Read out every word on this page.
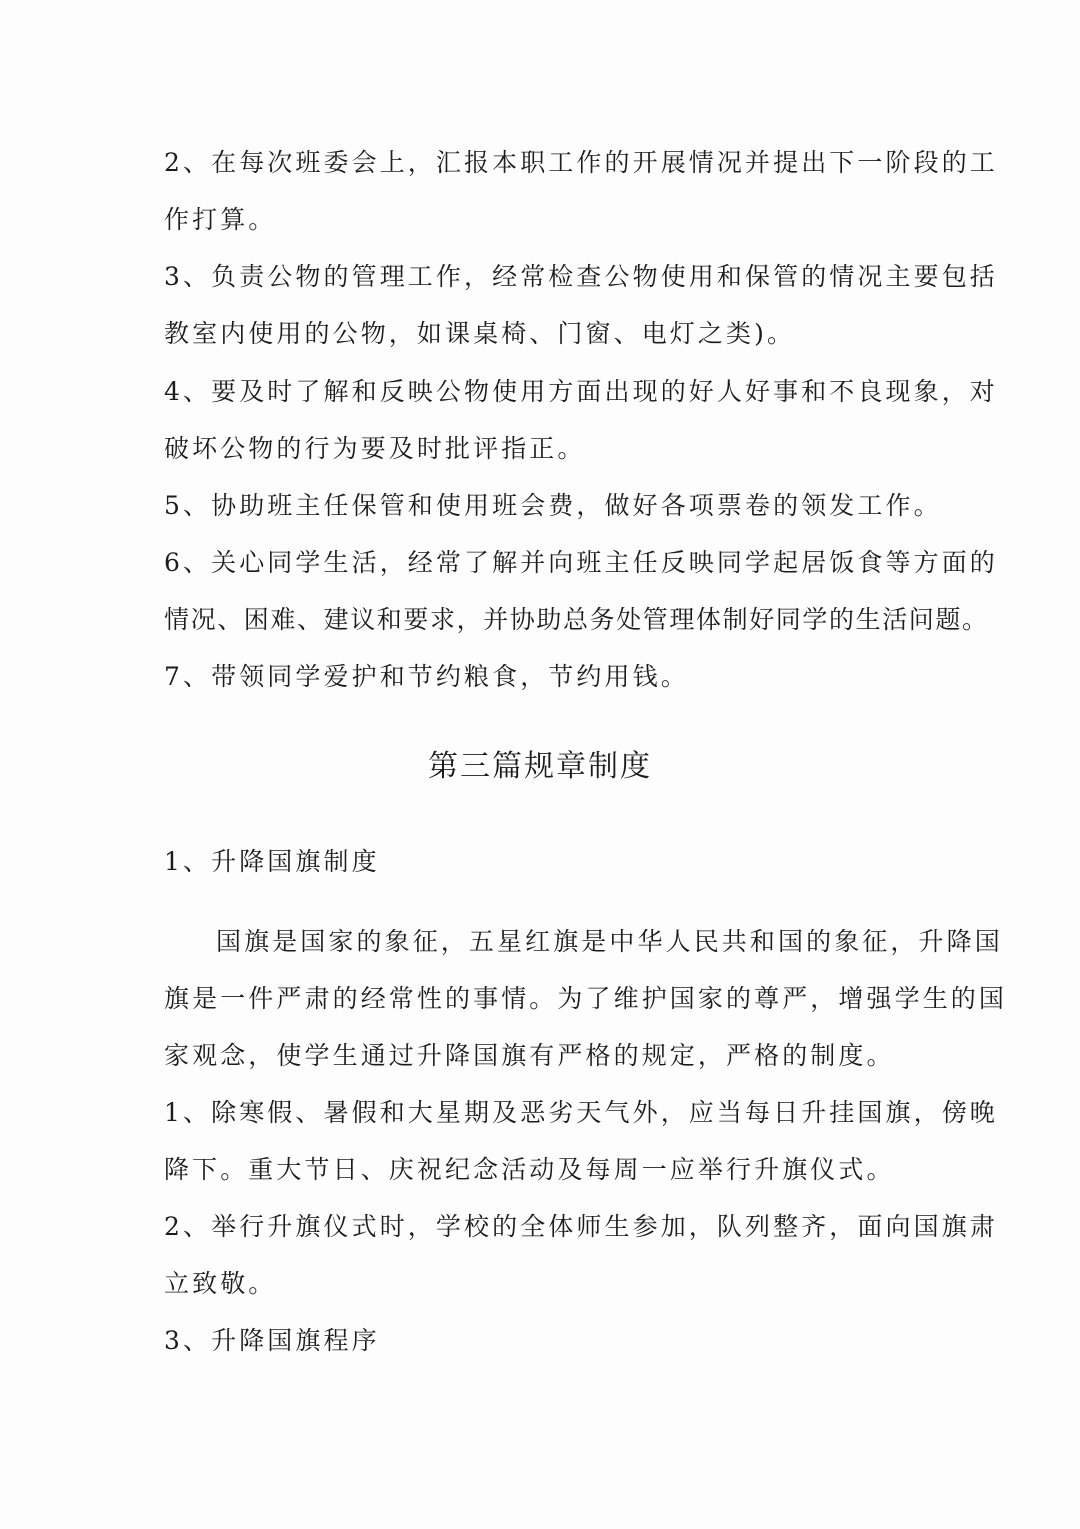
2、在每次班委会上，汇报本职工作的开展情况并提出下一阶段的工
作打算。
3、负责公物的管理工作，经常检查公物使用和保管的情况主要包括
教室内使用的公物，如课桌椅、门窗、电灯之类)。
4、要及时了解和反映公物使用方面出现的好人好事和不良现象，对
破坏公物的行为要及时批评指正。
5、协助班主任保管和使用班会费，做好各项票卷的领发工作。
6、关心同学生活，经常了解并向班主任反映同学起居饭食等方面的
情况、困难、建议和要求，并协助总务处管理体制好同学的生活问题。
7、带领同学爱护和节约粮食，节约用钱。
第三篇规章制度
1、升降国旗制度
国旗是国家的象征，五星红旗是中华人民共和国的象征，升降国
旗是一件严肃的经常性的事情。为了维护国家的尊严，增强学生的国
家观念，使学生通过升降国旗有严格的规定，严格的制度。
1、除寒假、暑假和大星期及恶劣天气外，应当每日升挂国旗，傍晚
降下。重大节日、庆祝纪念活动及每周一应举行升旗仪式。
2、举行升旗仪式时，学校的全体师生参加，队列整齐，面向国旗肃
立致敬。
3、升降国旗程序
